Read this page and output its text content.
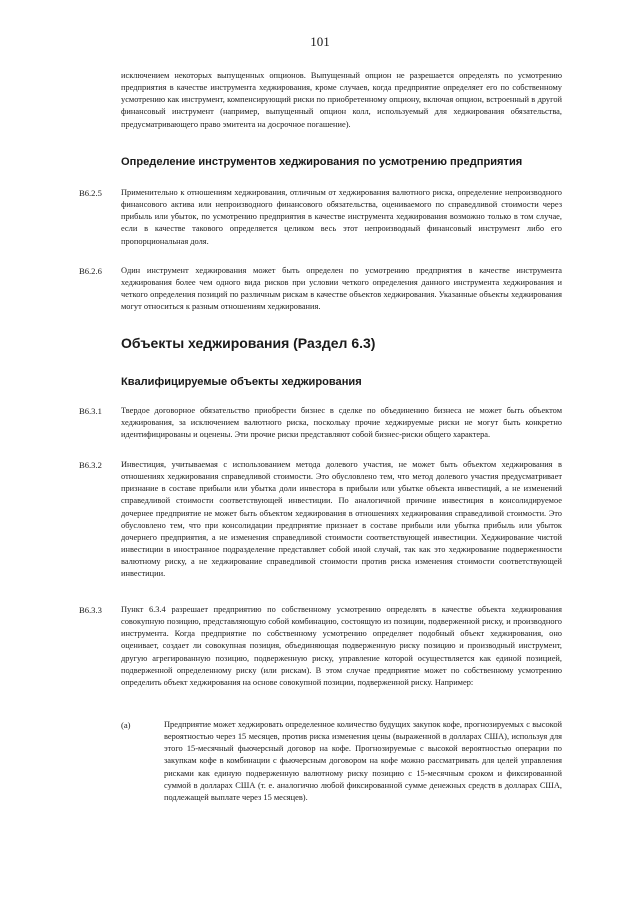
101

исключением некоторых выпущенных опционов. Выпущенный опцион не разрешается определять по усмотрению предприятия в качестве инструмента хеджирования, кроме случаев, когда предприятие определяет его по собственному усмотрению как инструмент, компенсирующий риски по приобретенному опциону, включая опцион, встроенный в другой финансовый инструмент (например, выпущенный опцион колл, используемый для хеджирования обязательства, предусматривающего право эмитента на досрочное погашение).

Определение инструментов хеджирования по усмотрению предприятия
B6.2.5 Применительно к отношениям хеджирования, отличным от хеджирования валютного риска, определение непроизводного финансового актива или непроизводного финансового обязательства, оцениваемого по справедливой стоимости через прибыль или убыток, по усмотрению предприятия в качестве инструмента хеджирования возможно только в том случае, если в качестве такового определяется целиком весь этот непроизводный финансовый инструмент либо его пропорциональная доля.

B6.2.6 Один инструмент хеджирования может быть определен по усмотрению предприятия в качестве инструмента хеджирования более чем одного вида рисков при условии четкого определения данного инструмента хеджирования и четкого определения позиций по различным рискам в качестве объектов хеджирования. Указанные объекты хеджирования могут относиться к разным отношениям хеджирования.

Объекты хеджирования (Раздел 6.3)
Квалифицируемые объекты хеджирования
B6.3.1 Твердое договорное обязательство приобрести бизнес в сделке по объединению бизнеса не может быть объектом хеджирования, за исключением валютного риска, поскольку прочие хеджируемые риски не могут быть конкретно идентифицированы и оценены. Эти прочие риски представляют собой бизнес-риски общего характера.

B6.3.2 Инвестиция, учитываемая с использованием метода долевого участия, не может быть объектом хеджирования в отношениях хеджирования справедливой стоимости. Это обусловлено тем, что метод долевого участия предусматривает признание в составе прибыли или убытка доли инвестора в прибыли или убытке объекта инвестиций, а не изменений справедливой стоимости соответствующей инвестиции. По аналогичной причине инвестиция в консолидируемое дочернее предприятие не может быть объектом хеджирования в отношениях хеджирования справедливой стоимости. Это обусловлено тем, что при консолидации предприятие признает в составе прибыли или убытка прибыль или убыток дочернего предприятия, а не изменения справедливой стоимости соответствующей инвестиции. Хеджирование чистой инвестиции в иностранное подразделение представляет собой иной случай, так как это хеджирование подверженности валютному риску, а не хеджирование справедливой стоимости против риска изменения стоимости соответствующей инвестиции.

B6.3.3 Пункт 6.3.4 разрешает предприятию по собственному усмотрению определять в качестве объекта хеджирования совокупную позицию, представляющую собой комбинацию, состоящую из позиции, подверженной риску, и производного инструмента. Когда предприятие по собственному усмотрению определяет подобный объект хеджирования, оно оценивает, создает ли совокупная позиция, объединяющая подверженную риску позицию и производный инструмент, другую агрегированную позицию, подверженную риску, управление которой осуществляется как единой позицией, подверженной определенному риску (или рискам). В этом случае предприятие может по собственному усмотрению определить объект хеджирования на основе совокупной позиции, подверженной риску. Например:

(a)	Предприятие может хеджировать определенное количество будущих закупок кофе, прогнозируемых с высокой вероятностью через 15 месяцев, против риска изменения цены (выраженной в долларах США), используя для этого 15-месячный фьючерсный договор на кофе. Прогнозируемые с высокой вероятностью операции по закупкам кофе в комбинации с фьючерсным договором на кофе можно рассматривать для целей управления рисками как единую подверженную валютному риску позицию с 15-месячным сроком и фиксированной суммой в долларах США (т. е. аналогично любой фиксированной сумме денежных средств в долларах США, подлежащей выплате через 15 месяцев).
